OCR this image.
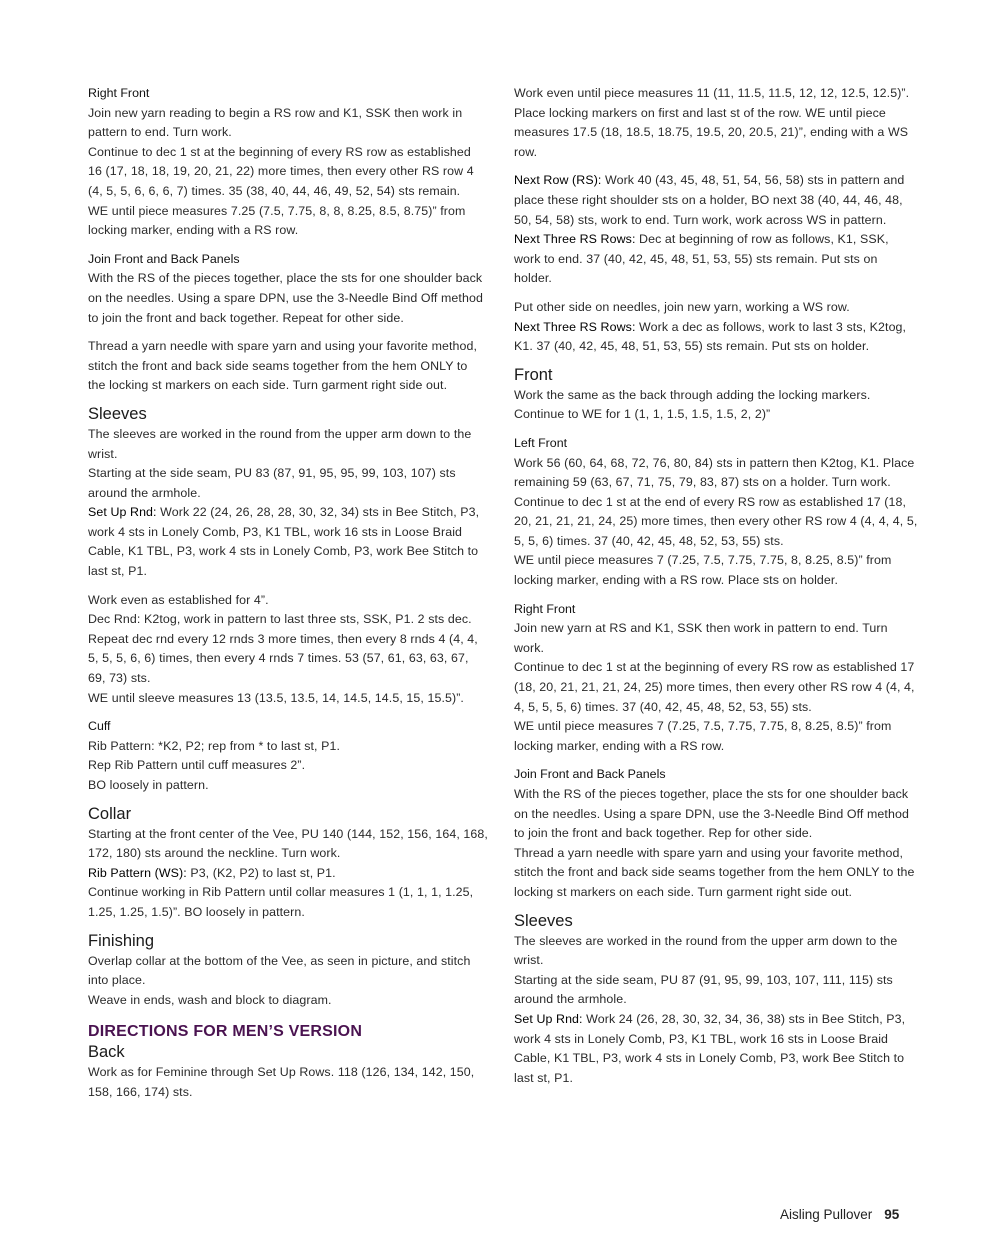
Right Front

Join new yarn reading to begin a RS row and K1, SSK then work in pattern to end. Turn work.

Continue to dec 1 st at the beginning of every RS row as established 16 (17, 18, 18, 19, 20, 21, 22) more times, then every other RS row 4 (4, 5, 5, 6, 6, 6, 7) times. 35 (38, 40, 44, 46, 49, 52, 54) sts remain.

WE until piece measures 7.25 (7.5, 7.75, 8, 8, 8.25, 8.5, 8.75)” from locking marker, ending with a RS row.

Join Front and Back Panels

With the RS of the pieces together, place the sts for one shoulder back on the needles. Using a spare DPN, use the 3-Needle Bind Off method to join the front and back together. Repeat for other side.

Thread a yarn needle with spare yarn and using your favorite method, stitch the front and back side seams together from the hem ONLY to the locking st markers on each side. Turn garment right side out.

Sleeves

The sleeves are worked in the round from the upper arm down to the wrist.

Starting at the side seam, PU 83 (87, 91, 95, 95, 99, 103, 107) sts around the armhole.

Set Up Rnd: Work 22 (24, 26, 28, 28, 30, 32, 34) sts in Bee Stitch, P3, work 4 sts in Lonely Comb, P3, K1 TBL, work 16 sts in Loose Braid Cable, K1 TBL, P3, work 4 sts in Lonely Comb, P3, work Bee Stitch to last st, P1.

Work even as established for 4”.

Dec Rnd: K2tog, work in pattern to last three sts, SSK, P1. 2 sts dec.

Repeat dec rnd every 12 rnds 3 more times, then every 8 rnds 4 (4, 4, 5, 5, 5, 6, 6) times, then every 4 rnds 7 times. 53 (57, 61, 63, 63, 67, 69, 73) sts.

WE until sleeve measures 13 (13.5, 13.5, 14, 14.5, 14.5, 15, 15.5)”.

Cuff

Rib Pattern: *K2, P2; rep from * to last st, P1.

Rep Rib Pattern until cuff measures 2”.

BO loosely in pattern.

Collar

Starting at the front center of the Vee, PU 140 (144, 152, 156, 164, 168, 172, 180) sts around the neckline. Turn work.

Rib Pattern (WS): P3, (K2, P2) to last st, P1.

Continue working in Rib Pattern until collar measures 1 (1, 1, 1, 1.25, 1.25, 1.25, 1.5)”. BO loosely in pattern.

Finishing

Overlap collar at the bottom of the Vee, as seen in picture, and stitch into place.

Weave in ends, wash and block to diagram.

DIRECTIONS FOR MEN’S VERSION
Back

Work as for Feminine through Set Up Rows. 118 (126, 134, 142, 150, 158, 166, 174) sts.

Work even until piece measures 11 (11, 11.5, 11.5, 12, 12, 12.5, 12.5)”. Place locking markers on first and last st of the row. WE until piece measures 17.5 (18, 18.5, 18.75, 19.5, 20, 20.5, 21)”, ending with a WS row.

Next Row (RS): Work 40 (43, 45, 48, 51, 54, 56, 58) sts in pattern and place these right shoulder sts on a holder, BO next 38 (40, 44, 46, 48, 50, 54, 58) sts, work to end. Turn work, work across WS in pattern.

Next Three RS Rows: Dec at beginning of row as follows, K1, SSK, work to end. 37 (40, 42, 45, 48, 51, 53, 55) sts remain. Put sts on holder.

Put other side on needles, join new yarn, working a WS row.

Next Three RS Rows: Work a dec as follows, work to last 3 sts, K2tog, K1. 37 (40, 42, 45, 48, 51, 53, 55) sts remain. Put sts on holder.

Front

Work the same as the back through adding the locking markers. Continue to WE for 1 (1, 1, 1.5, 1.5, 1.5, 2, 2)”

Left Front

Work 56 (60, 64, 68, 72, 76, 80, 84) sts in pattern then K2tog, K1. Place remaining 59 (63, 67, 71, 75, 79, 83, 87) sts on a holder. Turn work.

Continue to dec 1 st at the end of every RS row as established 17 (18, 20, 21, 21, 21, 24, 25) more times, then every other RS row 4 (4, 4, 4, 5, 5, 5, 6) times. 37 (40, 42, 45, 48, 52, 53, 55) sts.

WE until piece measures 7 (7.25, 7.5, 7.75, 7.75, 8, 8.25, 8.5)” from locking marker, ending with a RS row. Place sts on holder.

Right Front

Join new yarn at RS and K1, SSK then work in pattern to end. Turn work.

Continue to dec 1 st at the beginning of every RS row as established 17 (18, 20, 21, 21, 21, 24, 25) more times, then every other RS row 4 (4, 4, 4, 5, 5, 5, 6) times. 37 (40, 42, 45, 48, 52, 53, 55) sts.

WE until piece measures 7 (7.25, 7.5, 7.75, 7.75, 8, 8.25, 8.5)” from locking marker, ending with a RS row.

Join Front and Back Panels

With the RS of the pieces together, place the sts for one shoulder back on the needles. Using a spare DPN, use the 3-Needle Bind Off method to join the front and back together. Rep for other side.

Thread a yarn needle with spare yarn and using your favorite method, stitch the front and back side seams together from the hem ONLY to the locking st markers on each side. Turn garment right side out.

Sleeves

The sleeves are worked in the round from the upper arm down to the wrist.

Starting at the side seam, PU 87 (91, 95, 99, 103, 107, 111, 115) sts around the armhole.

Set Up Rnd: Work 24 (26, 28, 30, 32, 34, 36, 38) sts in Bee Stitch, P3, work 4 sts in Lonely Comb, P3, K1 TBL, work 16 sts in Loose Braid Cable, K1 TBL, P3, work 4 sts in Lonely Comb, P3, work Bee Stitch to last st, P1.

Aisling Pullover 95
